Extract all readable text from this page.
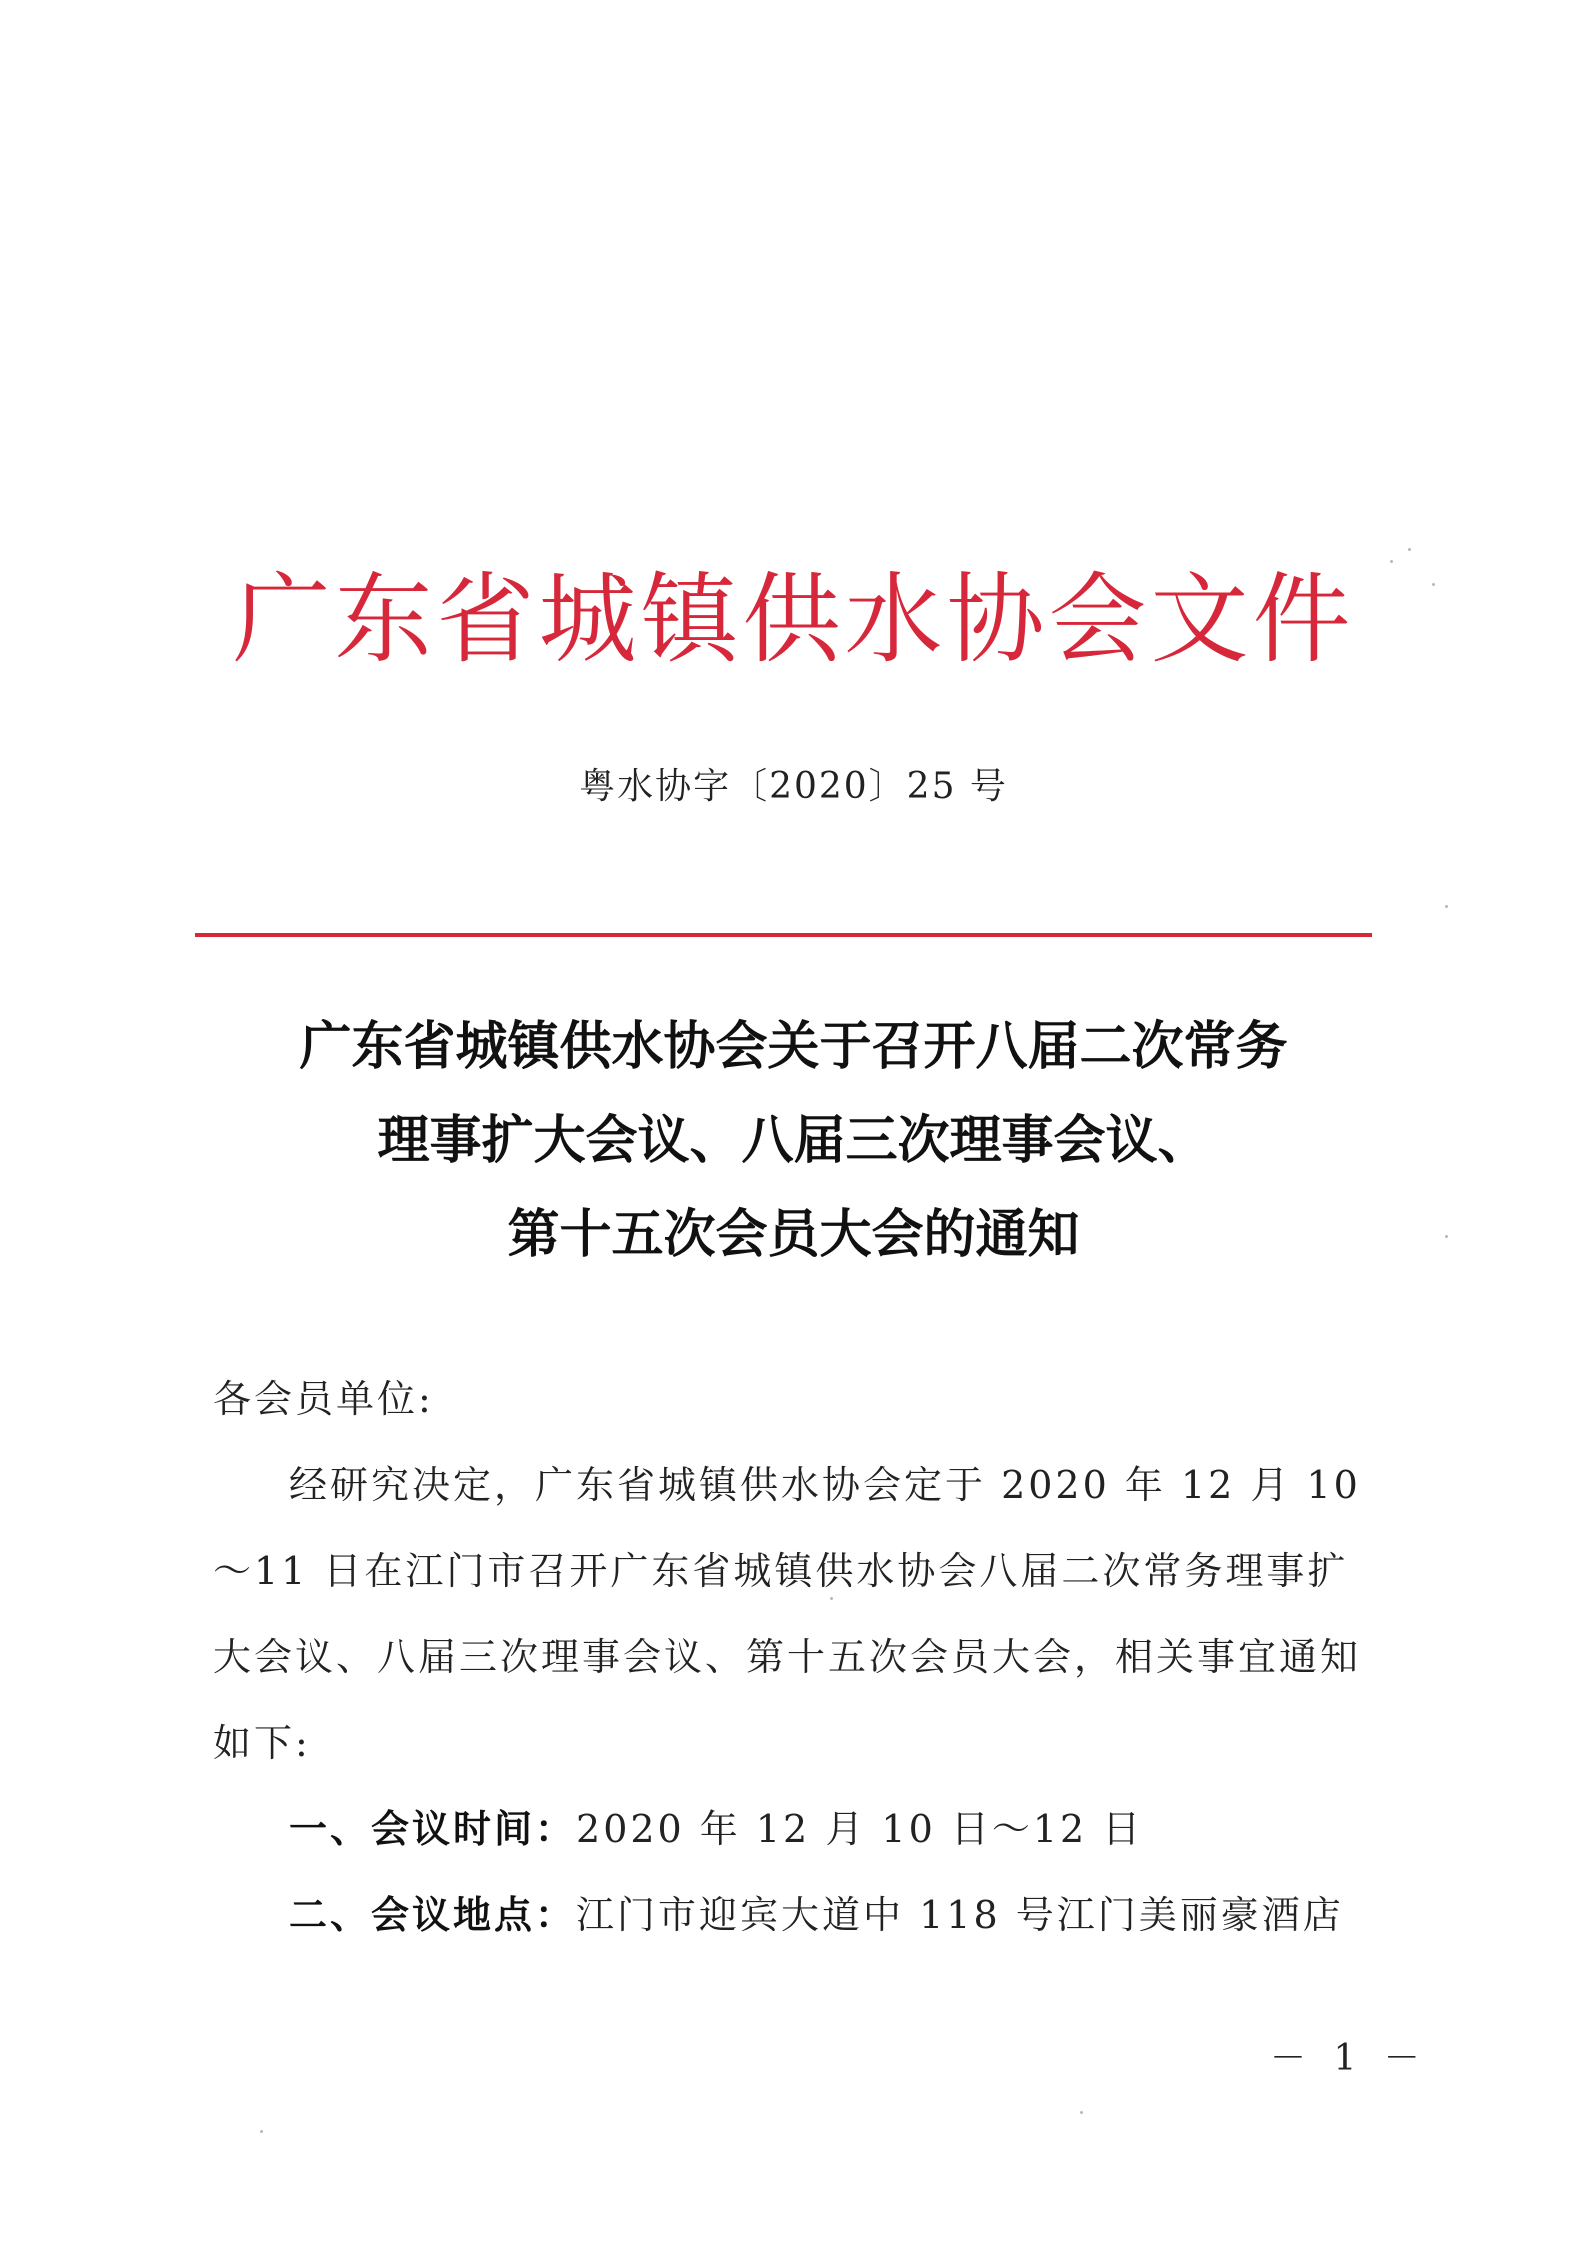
广东省城镇供水协会文件
粤水协字〔2020〕25 号
广东省城镇供水协会关于召开八届二次常务
理事扩大会议、八届三次理事会议、
第十五次会员大会的通知

各会员单位:

经研究决定，广东省城镇供水协会定于 2020 年 12 月 10～11 日在江门市召开广东省城镇供水协会八届二次常务理事扩大会议、八届三次理事会议、第十五次会员大会，相关事宜通知如下:

一、会议时间：2020 年 12 月 10 日～12 日

二、会议地点：江门市迎宾大道中 118 号江门美丽豪酒店

－ 1 －
